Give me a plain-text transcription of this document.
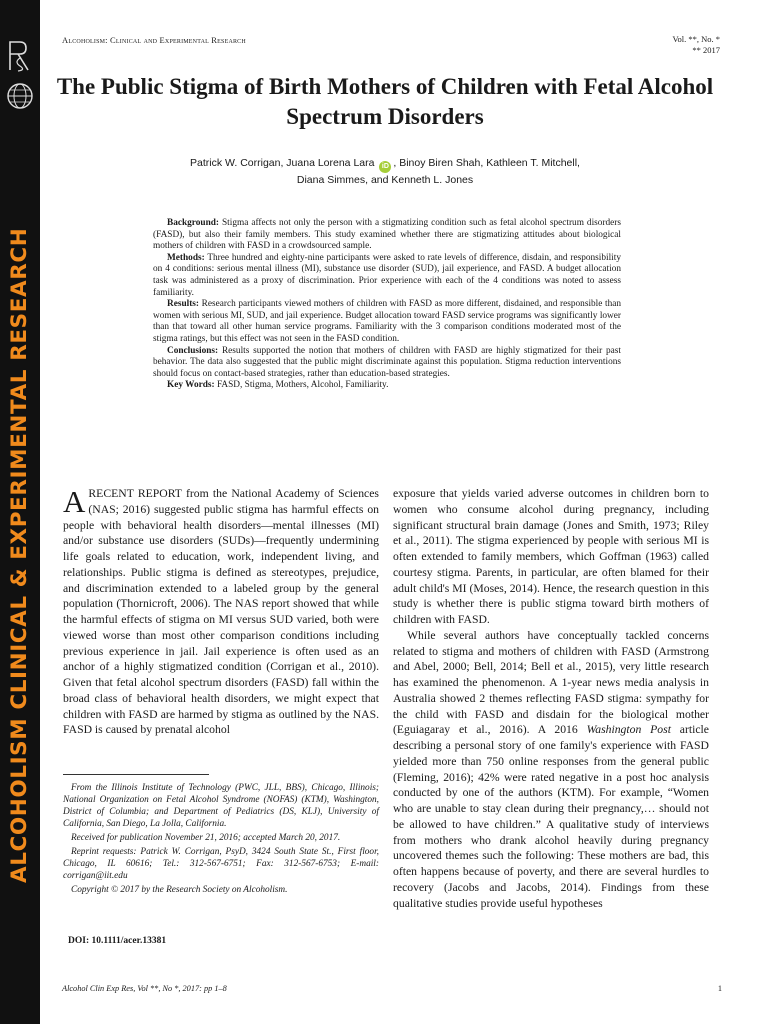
ALCOHOLISM CLINICAL & EXPERIMENTAL RESEARCH
Alcoholism: Clinical and Experimental Research	Vol. **, No. *
** 2017
The Public Stigma of Birth Mothers of Children with Fetal Alcohol Spectrum Disorders
Patrick W. Corrigan, Juana Lorena Lara iD , Binoy Biren Shah, Kathleen T. Mitchell,
Diana Simmes, and Kenneth L. Jones

Background: Stigma affects not only the person with a stigmatizing condition such as fetal alcohol spectrum disorders (FASD), but also their family members. This study examined whether there are stigmatizing attitudes about biological mothers of children with FASD in a crowdsourced sample.

Methods: Three hundred and eighty-nine participants were asked to rate levels of difference, disdain, and responsibility on 4 conditions: serious mental illness (MI), substance use disorder (SUD), jail experience, and FASD. A budget allocation task was administered as a proxy of discrimination. Prior experience with each of the 4 conditions was noted to assess familiarity.

Results: Research participants viewed mothers of children with FASD as more different, disdained, and responsible than women with serious MI, SUD, and jail experience. Budget allocation toward FASD service programs was significantly lower than that toward all other human service programs. Familiarity with the 3 comparison conditions moderated most of the stigma ratings, but this effect was not seen in the FASD condition.

Conclusions: Results supported the notion that mothers of children with FASD are highly stigmatized for their past behavior. The data also suggested that the public might discriminate against this population. Stigma reduction interventions should focus on contact-based strategies, rather than education-based strategies.

Key Words: FASD, Stigma, Mothers, Alcohol, Familiarity.

ARECENT REPORT from the National Academy of Sciences (NAS; 2016) suggested public stigma has harmful effects on people with behavioral health disorders—mental illnesses (MI) and/or substance use disorders (SUDs)—frequently undermining life goals related to education, work, independent living, and relationships. Public stigma is defined as stereotypes, prejudice, and discrimination extended to a labeled group by the general population (Thornicroft, 2006). The NAS report showed that while the harmful effects of stigma on MI versus SUD varied, both were viewed worse than most other comparison conditions including previous experience in jail. Jail experience is often used as an anchor of a highly stigmatized condition (Corrigan et al., 2010). Given that fetal alcohol spectrum disorders (FASD) fall within the broad class of behavioral health disorders, we might expect that children with FASD are harmed by stigma as outlined by the NAS. FASD is caused by prenatal alcohol

From the Illinois Institute of Technology (PWC, JLL, BBS), Chicago, Illinois; National Organization on Fetal Alcohol Syndrome (NOFAS) (KTM), Washington, District of Columbia; and Department of Pediatrics (DS, KLJ), University of California, San Diego, La Jolla, California.

Received for publication November 21, 2016; accepted March 20, 2017.

Reprint requests: Patrick W. Corrigan, PsyD, 3424 South State St., First floor, Chicago, IL 60616; Tel.: 312-567-6751; Fax: 312-567-6753; E-mail: corrigan@iit.edu

Copyright © 2017 by the Research Society on Alcoholism.

DOI: 10.1111/acer.13381

exposure that yields varied adverse outcomes in children born to women who consume alcohol during pregnancy, including significant structural brain damage (Jones and Smith, 1973; Riley et al., 2011). The stigma experienced by people with serious MI is often extended to family members, which Goffman (1963) called courtesy stigma. Parents, in particular, are often blamed for their adult child's MI (Moses, 2014). Hence, the research question in this study is whether there is public stigma toward birth mothers of children with FASD.

While several authors have conceptually tackled concerns related to stigma and mothers of children with FASD (Armstrong and Abel, 2000; Bell, 2014; Bell et al., 2015), very little research has examined the phenomenon. A 1-year news media analysis in Australia showed 2 themes reflecting FASD stigma: sympathy for the child with FASD and disdain for the biological mother (Eguiagaray et al., 2016). A 2016 Washington Post article describing a personal story of one family's experience with FASD yielded more than 750 online responses from the general public (Fleming, 2016); 42% were rated negative in a post hoc analysis conducted by one of the authors (KTM). For example, “Women who are unable to stay clean during their pregnancy,… should not be allowed to have children.” A qualitative study of interviews from mothers who drank alcohol heavily during pregnancy uncovered themes such the following: These mothers are bad, this often happens because of poverty, and there are several hurdles to recovery (Jacobs and Jacobs, 2014). Findings from these qualitative studies provide useful hypotheses

Alcohol Clin Exp Res, Vol **, No *, 2017: pp 1–8	1
